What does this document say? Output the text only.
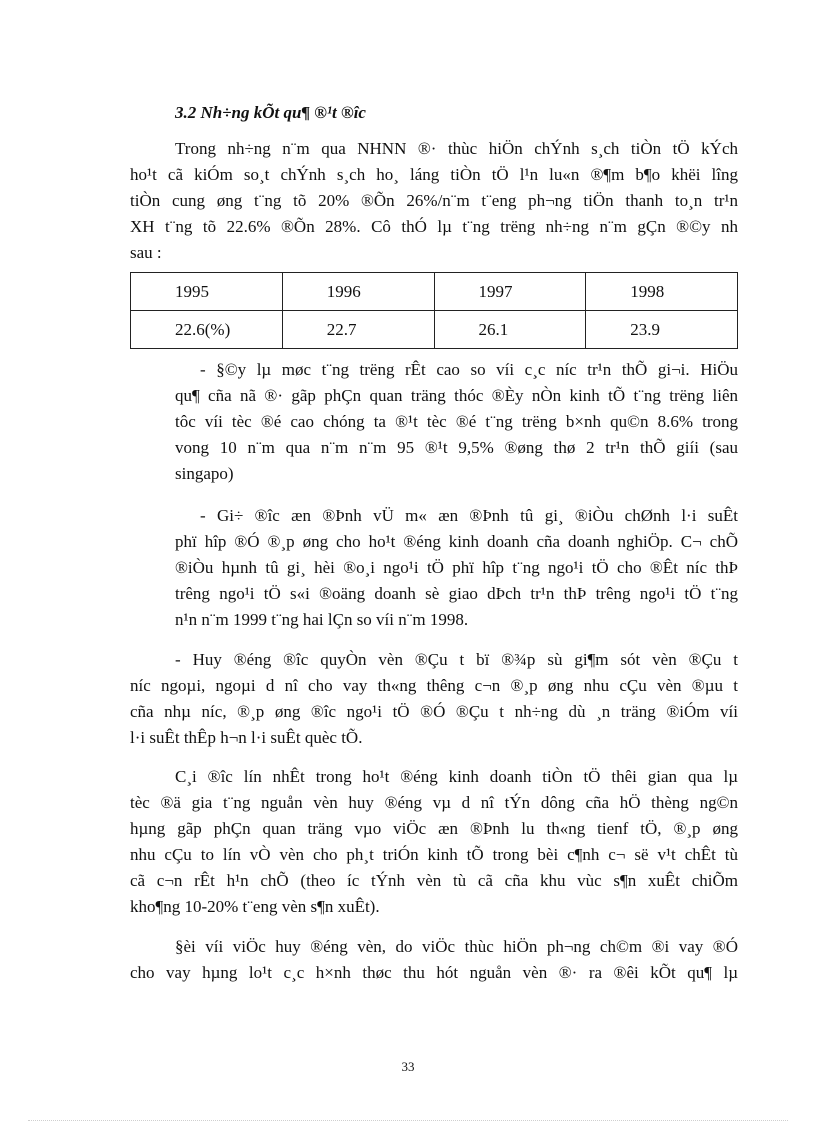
3.2 Nh÷ng kÕt qu¶ ®¹t ®îc

Trong nh÷ng n¨m qua NHNN ®· thùc hiÖn chÝnh s¸ch tiÒn tÖ kÝch
ho¹t cã kiÓm so¸t chÝnh s¸ch ho¸ láng tiÒn tÖ l¹n lu«n ®¶m b¶o khëi lîng
tiÒn cung øng t¨ng tõ 20% ®Õn 26%/n¨m t¨eng ph¬ng tiÖn thanh to¸n tr¹n
XH t¨ng tõ 22.6% ®Õn 28%. Cô thÓ lµ t¨ng trëng nh÷ng n¨m gÇn ®©y nh
sau :

1995	1996	1997	1998
22.6(%)	22.7	26.1	23.9

- §©y lµ møc t¨ng trëng rÊt cao so víi c¸c níc tr¹n thÕ gi¬i. HiÖu
qu¶ cña nã ®· gãp phÇn quan träng thóc ®Èy nÒn kinh tÕ t¨ng trëng liên
tôc víi tèc ®é cao chóng ta ®¹t tèc ®é t¨ng trëng b×nh qu©n 8.6% trong
vong 10 n¨m qua n¨m n¨m 95 ®¹t 9,5% ®øng thø 2 tr¹n thÕ giíi (sau
singapo)

- Gi÷ ®îc æn ®Þnh vÜ m« æn ®Þnh tû gi¸ ®iÒu chØnh l·i suÊt
phï hîp ®Ó ®¸p øng cho ho¹t ®éng kinh doanh cña doanh nghiÖp. C¬ chÕ
®iÒu hµnh tû gi¸ hèi ®o¸i ngo¹i tÖ phï hîp t¨ng ngo¹i tÖ cho ®Êt níc thÞ
trêng ngo¹i tÖ s«i ®oäng doanh sè giao dÞch tr¹n thÞ trêng ngo¹i tÖ t¨ng
n¹n n¨m 1999 t¨ng hai lÇn so víi n¨m 1998.

- Huy ®éng ®îc quyÒn vèn ®Çu t bï ®¾p sù gi¶m sót vèn ®Çu t
níc ngoµi, ngoµi d nî cho vay th«ng thêng c¬n ®¸p øng nhu cÇu vèn ®µu t
cña nhµ níc, ®¸p øng ®îc ngo¹i tÖ ®Ó ®Çu t nh÷ng dù ¸n träng ®iÓm víi
l·i suÊt thÊp h¬n l·i suÊt quèc tÕ.

C¸i ®îc lín nhÊt trong ho¹t ®éng kinh doanh tiÒn tÖ thêi gian qua lµ
tèc ®ä gia t¨ng nguån vèn huy ®éng vµ d nî tÝn dông cña hÖ thèng ng©n
hµng gãp phÇn quan träng vµo viÖc æn ®Þnh lu th«ng tienf tÖ, ®¸p øng
nhu cÇu to lín vÒ vèn cho ph¸t triÓn kinh tÕ trong bèi c¶nh c¬ së v¹t chÊt tù
cã c¬n rÊt h¹n chÕ (theo íc tÝnh vèn tù cã cña khu vùc s¶n xuÊt chiÕm
kho¶ng 10-20% t¨eng vèn s¶n xuÊt).

§èi víi viÖc huy ®éng vèn, do viÖc thùc hiÖn ph¬ng ch©m ®i vay ®Ó
cho vay hµng lo¹t c¸c h×nh thøc thu hót nguån vèn ®· ra ®êi kÕt qu¶ lµ

33
